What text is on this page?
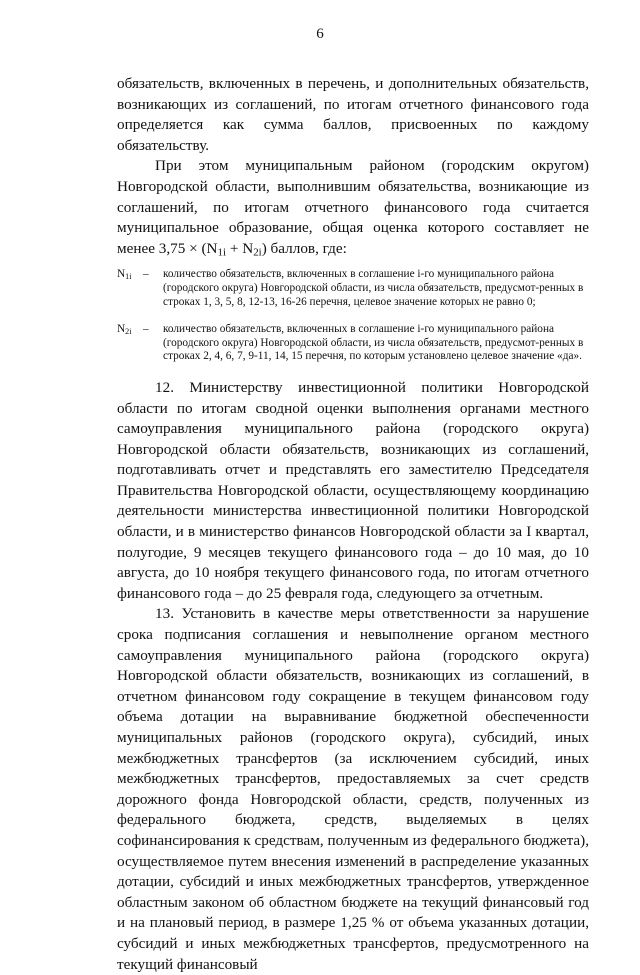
6

обязательств, включенных в перечень, и дополнительных обязательств, возникающих из соглашений, по итогам отчетного финансового года определяется как сумма баллов, присвоенных по каждому обязательству.

При этом муниципальным районом (городским округом) Новгородской области, выполнившим обязательства, возникающие из соглашений, по итогам отчетного финансового года считается муниципальное образование, общая оценка которого составляет не менее $3,75 \times (N_{1i} + N_{2i})$ баллов, где:

$N_{1i}$	–	количество обязательств, включенных в соглашение i-го муниципального района (городского округа) Новгородской области, из числа обязательств, предусмот-ренных в строках 1, 3, 5, 8, 12-13, 16-26 перечня, целевое значение которых не равно 0;
$N_{2i}$	–	количество обязательств, включенных в соглашение i-го муниципального района (городского округа) Новгородской области, из числа обязательств, предусмот-ренных в строках 2, 4, 6, 7, 9-11, 14, 15 перечня, по которым установлено целевое значение «да».

12. Министерству инвестиционной политики Новгородской области по итогам сводной оценки выполнения органами местного самоуправления муниципального района (городского округа) Новгородской области обязательств, возникающих из соглашений, подготавливать отчет и представлять его заместителю Председателя Правительства Новгородской области, осуществляющему координацию деятельности министерства инвестиционной политики Новгородской области, и в министерство финансов Новгородской области за I квартал, полугодие, 9 месяцев текущего финансового года – до 10 мая, до 10 августа, до 10 ноября текущего финансового года, по итогам отчетного финансового года – до 25 февраля года, следующего за отчетным.

13. Установить в качестве меры ответственности за нарушение срока подписания соглашения и невыполнение органом местного самоуправления муниципального района (городского округа) Новгородской области обязательств, возникающих из соглашений, в отчетном финансовом году сокращение в текущем финансовом году объема дотации на выравнивание бюджетной обеспеченности муниципальных районов (городского округа), субсидий, иных межбюджетных трансфертов (за исключением субсидий, иных межбюджетных трансфертов, предоставляемых за счет средств дорожного фонда Новгородской области, средств, полученных из федерального бюджета, средств, выделяемых в целях софинансирования к средствам, полученным из федерального бюджета), осуществляемое путем внесения изменений в распределение указанных дотации, субсидий и иных межбюджетных трансфертов, утвержденное областным законом об областном бюджете на текущий финансовый год и на плановый период, в размере 1,25 % от объема указанных дотации, субсидий и иных межбюджетных трансфертов, предусмотренного на текущий финансовый
